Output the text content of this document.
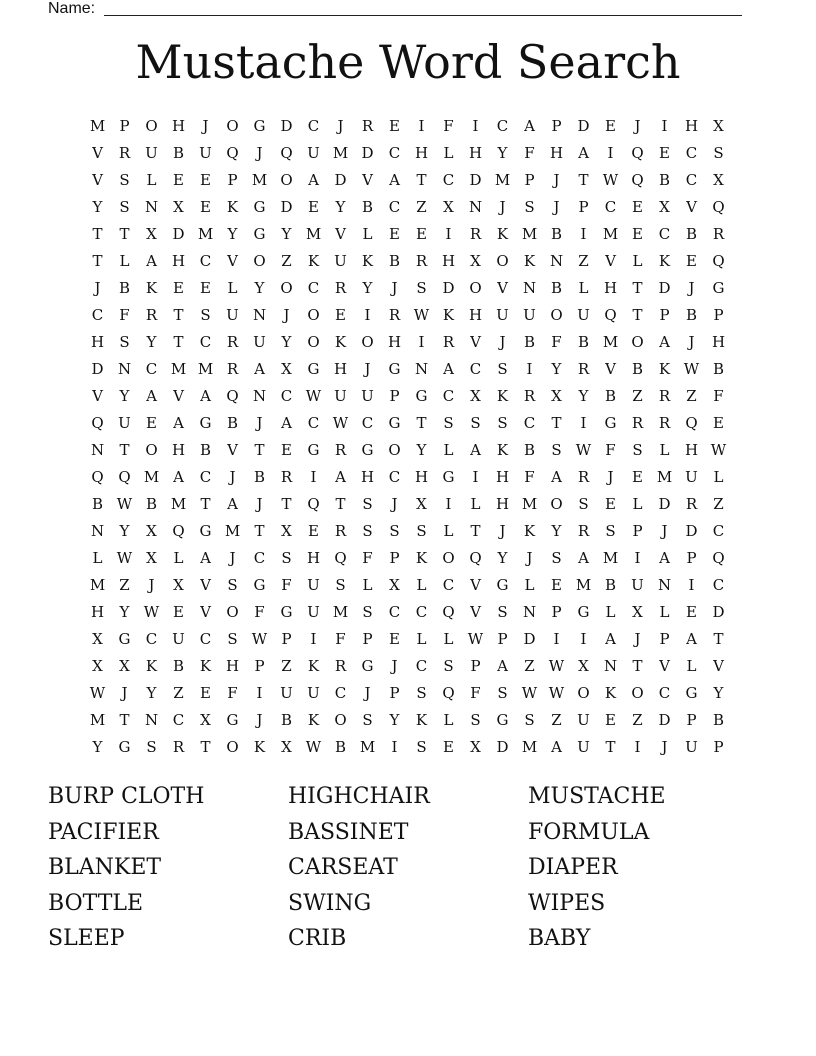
Name:
Mustache Word Search
M P	O H	J	O G	D	C	J	R	E	I	F	I	C	A	P	D	E	J	I	H	X
V	R	U	B	U Q	J	Q U M D	C H	L	H	Y	F	H	A	I	Q	E	C	S
V	S	L	E	E	P M O	A	D	V	A	T	C	D M P	J	T W Q	B	C	X
Y	S	N	X	E	K	G	D	E	Y	B	C	Z	X	N	J	S	J	P	C	E	X	V	Q
T	T	X	D M Y	G	Y M V	L	E	E	I	R	K M B	I	M E	C	B	R
T	L	A	H C	V	O	Z	K	U	K	B	R H	X	O	K N	Z	V	L	K	E	Q
J	B	K	E	E	L	Y	O	C	R	Y	J	S	D O	V	N B	L	H	T	D	J	G
C	F	R	T	S	U N	J	O	E	I	R W K H U U O U Q	T	P	B	P
H	S	Y	T	C	R	U	Y	O	K	O H	I	R	V	J	B	F	B M O	A	J	H
D N C M M R	A	X	G H	J	G N	A	C	S	I	Y	R	V	B	K W B
V	Y	A	V	A	Q N C W U U	P	G	C	X	K	R	X	Y	B	Z	R	Z	F
Q U	E	A	G	B	J	A	C W C	G	T	S	S	S	C	T	I	G	R	R	Q	E
N	T	O H B	V	T	E	G	R	G O	Y	L	A	K	B	S W F	S	L	H W
Q Q M A	C	J	B	R	I	A	H C H G	I	H	F	A	R	J	E M U	L
B W B M T	A	J	T	Q	T	S	J	X	I	L	H M O	S	E	L	D	R	Z
N	Y	X	Q G M T	X	E	R	S	S	S	L	T	J	K	Y	R	S	P	J	D	C
L W X	L	A	J	C	S	H Q	F	P	K	O Q	Y	J	S	A M	I	A	P	Q
M Z	J	X	V	S	G	F	U	S	L	X	L	C	V	G	L	E M B	U N	I	C
H	Y W E	V	O	F	G U M S	C	C	Q	V	S	N	P	G	L	X	L	E	D
X	G	C U C	S W P	I	F	P	E	L	L W P	D	I	I	A	J	P	A	T
X	X	K	B	K H	P	Z	K	R	G	J	C	S	P	A	Z W X	N	T	V	L	V
W	J	Y	Z	E	F	I	U U C	J	P	S	Q	F	S W W O	K	O	C	G	Y
M T	N C	X	G	J	B	K	O	S	Y	K	L	S	G	S	Z	U	E	Z	D	P	B
Y	G	S	R	T	O	K	X W B M	I	S	E	X	D M A	U	T	I	J	U	P
BURP CLOTH	HIGHCHAIR	MUSTACHE
PACIFIER	BASSINET	FORMULA
BLANKET	CARSEAT	DIAPER
BOTTLE	SWING	WIPES
SLEEP	CRIB	BABY
